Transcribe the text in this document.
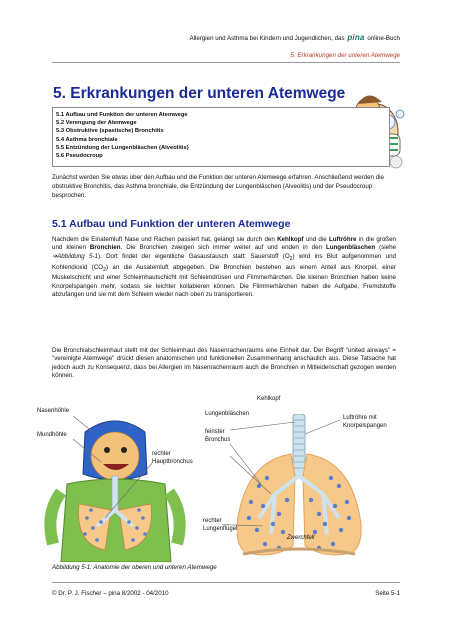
Allergien und Asthma bei Kindern und Jugendlichen, das pina online-Buch
5. Erkrankungen der unteren Atemwege
5. Erkrankungen der unteren Atemwege
5.1 Aufbau und Funktion der unteren Atemwege
5.2 Verengung der Atemwege
5.3 Obstruktive (spastische) Bronchitis
5.4 Asthma bronchiale
5.5 Entzündung der Lungenbläschen (Alveolitis)
5.6 Pseudocroup
Zunächst werden Sie etwas über den Aufbau und die Funktion der unteren Atemwege erfahren. Anschließend werden die obstruktive Bronchitis, das Asthma bronchiale, die Entzündung der Lungenbläschen (Alveolitis) und der Pseudocroup besprochen.
5.1 Aufbau und Funktion der unteren Atemwege
Nachdem die Einatemluft Nase und Rachen passiert hat, gelangt sie durch den Kehlkopf und die Luftröhre in die großen und kleinen Bronchien. Die Bronchien zweigen sich immer weiter auf und enden in den Lungenbläschen (siehe ➔Abbildung 5-1). Dort findet der eigentliche Gasaustausch statt: Sauerstoff $(O_2)$ wird ins Blut aufgenommen und Kohlendioxid $(CO_2)$ an die Ausatemluft abgegeben. Die Bronchien bestehen aus einem Anteil aus Knorpel, einer Muskelschicht und einer Schleimhautschicht mit Schleimdrüsen und Flimmerhärchen. Die kleinen Bronchien haben keine Knorpelspangen mehr, sodass sie leichter kollabieren können. Die Flimmerhärchen haben die Aufgabe, Fremdstoffe abzufangen und sie mit dem Schleim wieder nach oben zu transportieren.
Die Bronchialschleimhaut stellt mit der Schleimhaut des Nasenrachenraums eine Einheit dar. Der Begriff "united airways" = "vereinigte Atemwege" drückt diesen anatomischen und funktionellen Zusammenhang anschaulich aus. Diese Tatsache hat jedoch auch zu Konsequenz, dass bei Allergien im Nasenrachenraum auch die Bronchien in Mitleidenschaft gezogen werden können.
Nasenhöhle
Mundhöhle
Kehlkopf
Lungenbläschen
feinster
Bronchus
rechter
Hauptbronchus
Luftröhre mit
Knorpelspangen
rechter
Lungenflügel
Zwerchfell
Abbildung 5-1: Anatomie der oberen und unteren Atemwege
© Dr. P. J. Fischer – pina 8/2002 - 04/2010	Seite 5-1
